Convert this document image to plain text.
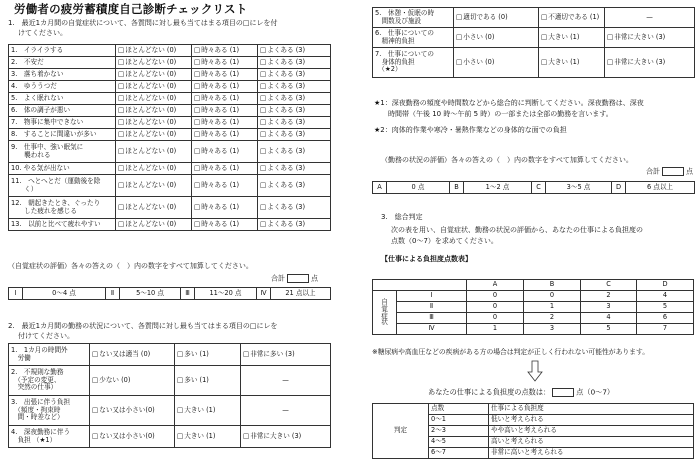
労働者の疲労蓄積度自己診断チェックリスト
1.　最近1カ月間の自覚症状について、各質問に対し最も当てはまる項目の□にレを付
けてください。
1.　イライラする	□ほとんどない (0)	□時々ある (1)	□よくある (3)
2.　不安だ	□ほとんどない (0)	□時々ある (1)	□よくある (3)
3.　落ち着かない	□ほとんどない (0)	□時々ある (1)	□よくある (3)
4.　ゆううつだ	□ほとんどない (0)	□時々ある (1)	□よくある (3)
5.　よく眠れない	□ほとんどない (0)	□時々ある (1)	□よくある (3)
6.　体の調子が悪い	□ほとんどない (0)	□時々ある (1)	□よくある (3)
7.　物事に集中できない	□ほとんどない (0)	□時々ある (1)	□よくある (3)
8.　することに間違いが多い	□ほとんどない (0)	□時々ある (1)	□よくある (3)
9.　仕事中、強い眠気に
　　襲われる	□ほとんどない (0)	□時々ある (1)	□よくある (3)
10. やる気が出ない	□ほとんどない (0)	□時々ある (1)	□よくある (3)
11.　へとへとだ（運動後を除
　　く）	□ほとんどない (0)	□時々ある (1)	□よくある (3)
12.　朝起きたとき、ぐったり
　　した疲れを感じる	□ほとんどない (0)	□時々ある (1)	□よくある (3)
13.　以前と比べて疲れやすい	□ほとんどない (0)	□時々ある (1)	□よくある (3)
（自覚症状の評価）各々の答えの（　）内の数字をすべて加算してください。
合計	点
Ⅰ	0〜4 点	Ⅱ	5〜10 点	Ⅲ	11〜20 点	Ⅳ	21 点以上
2.　最近1カ月間の勤務の状況について、各質問に対し最も当てはまる項目の□にレを
付けてください。
1.　1カ月の時間外
　労働	□ない又は適当 (0)	□多い (1)	□非常に多い (3)
2.　不規則な勤務
　（予定の変更、
　突然の仕事）	□ 少ない (0)	□多い (1)	—
3.　出張に伴う負担
　（頻度・拘束時
　間・時差など）	□ ない又は小さい(0)	□大きい (1)	—
4.　深夜勤務に伴う
　負担 （★1）	□ない又は小さい(0)	□大きい (1)	□非常に大きい (3)
5.　休憩・仮眠の時
　間数及び施設	□適切である (0)	□不適切である (1)	—
6.　仕事についての
　精神的負担	□小さい (0)	□大きい (1)	□非常に大きい (3)
7.　仕事についての
　身体的負担
　（★2）	□ 小さい (0)	□大きい (1)	□非常に大きい (3)
★1：深夜勤務の頻度や時間数などから総合的に判断してください。深夜勤務は、深夜
　　時間帯（午後 10 時〜午前 5 時）の一部または全部の勤務を言います。
★2：肉体的作業や寒冷・暑熱作業などの身体的な面での負担
（勤務の状況の評価）各々の答えの（　）内の数字をすべて加算してください。
合計	点
A	0 点	B	1〜2 点	C	3〜5 点	D	6 点以上
3.　総合判定
次の表を用い、自覚症状、勤務の状況の評価から、あなたの仕事による負担度の
点数（0〜7）を求めてください。
【仕事による負担度点数表】
		A	B	C	D
自
覚
症
状	Ⅰ	0	0	2	4
	Ⅱ	0	1	3	5
	Ⅲ	0	2	4	6
	Ⅳ	1	3	5	7
※糖尿病や高血圧などの疾病がある方の場合は判定が正しく行われない可能性があります。
あなたの仕事による負担度の点数は：	点（0〜7）
判定	点数	仕事による負担度
	0〜1	低いと考えられる
	2〜3	やや高いと考えられる
	4〜5	高いと考えられる
	6〜7	非常に高いと考えられる
